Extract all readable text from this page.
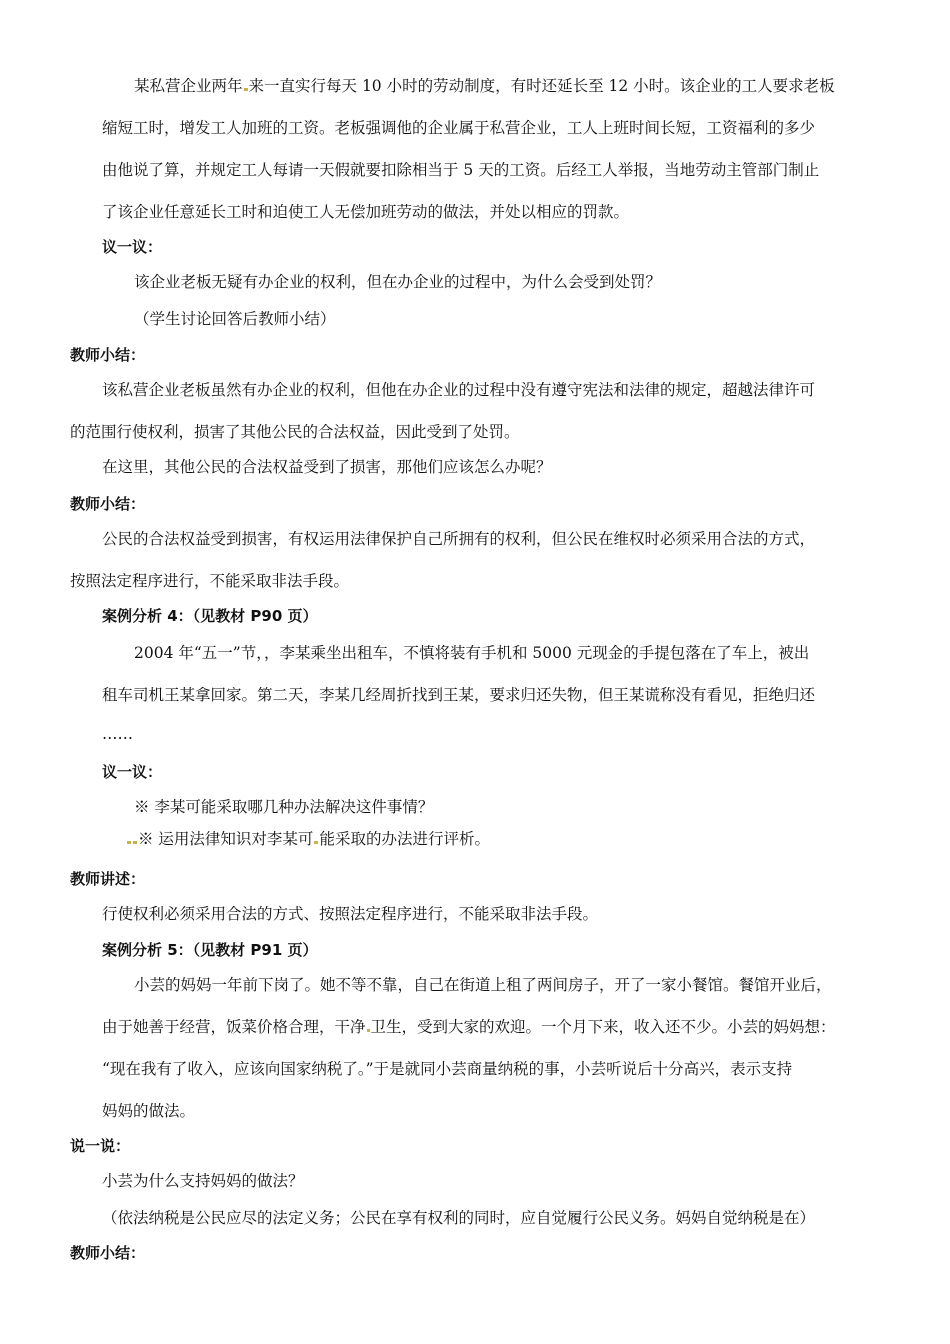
某私营企业两年 来一直实行每天 10 小时的劳动制度，有时还延长至 12 小时。该企业的工人要求老板
缩短工时，增发工人加班的工资。老板强调他的企业属于私营企业，工人上班时间长短，工资福利的多少
由他说了算，并规定工人每请一天假就要扣除相当于 5 天的工资。后经工人举报，当地劳动主管部门制止
了该企业任意延长工时和迫使工人无偿加班劳动的做法，并处以相应的罚款。
议一议：
该企业老板无疑有办企业的权利，但在办企业的过程中，为什么会受到处罚？
（学生讨论回答后教师小结）
教师小结：
该私营企业老板虽然有办企业的权利，但他在办企业的过程中没有遵守宪法和法律的规定，超越法律许可
的范围行使权利，损害了其他公民的合法权益，因此受到了处罚。
在这里，其他公民的合法权益受到了损害，那他们应该怎么办呢？
教师小结：
公民的合法权益受到损害，有权运用法律保护自己所拥有的权利，但公民在维权时必须采用合法的方式，
按照法定程序进行，不能采取非法手段。
案例分析 4：（见教材 P90 页）
2004 年“五一”节，，李某乘坐出租车，不慎将装有手机和 5000 元现金的手提包落在了车上，被出
租车司机王某拿回家。第二天，李某几经周折找到王某，要求归还失物，但王某谎称没有看见，拒绝归还
……
议一议：
※ 李某可能采取哪几种办法解决这件事情？
※ 运用法律知识对李某可 能采取的办法进行评析。
教师讲述：
行使权利必须采用合法的方式、按照法定程序进行，不能采取非法手段。
案例分析 5：（见教材 P91 页）
小芸的妈妈一年前下岗了。她不等不靠，自己在街道上租了两间房子，开了一家小餐馆。餐馆开业后，
由于她善于经营，饭菜价格合理，干净 卫生，受到大家的欢迎。一个月下来，收入还不少。小芸的妈妈想：
“现在我有了收入，应该向国家纳税了。”于是就同小芸商量纳税的事，小芸听说后十分高兴，表示支持
妈妈的做法。
说一说：
小芸为什么支持妈妈的做法？
（依法纳税是公民应尽的法定义务；公民在享有权利的同时，应自觉履行公民义务。妈妈自觉纳税是在）
教师小结：
